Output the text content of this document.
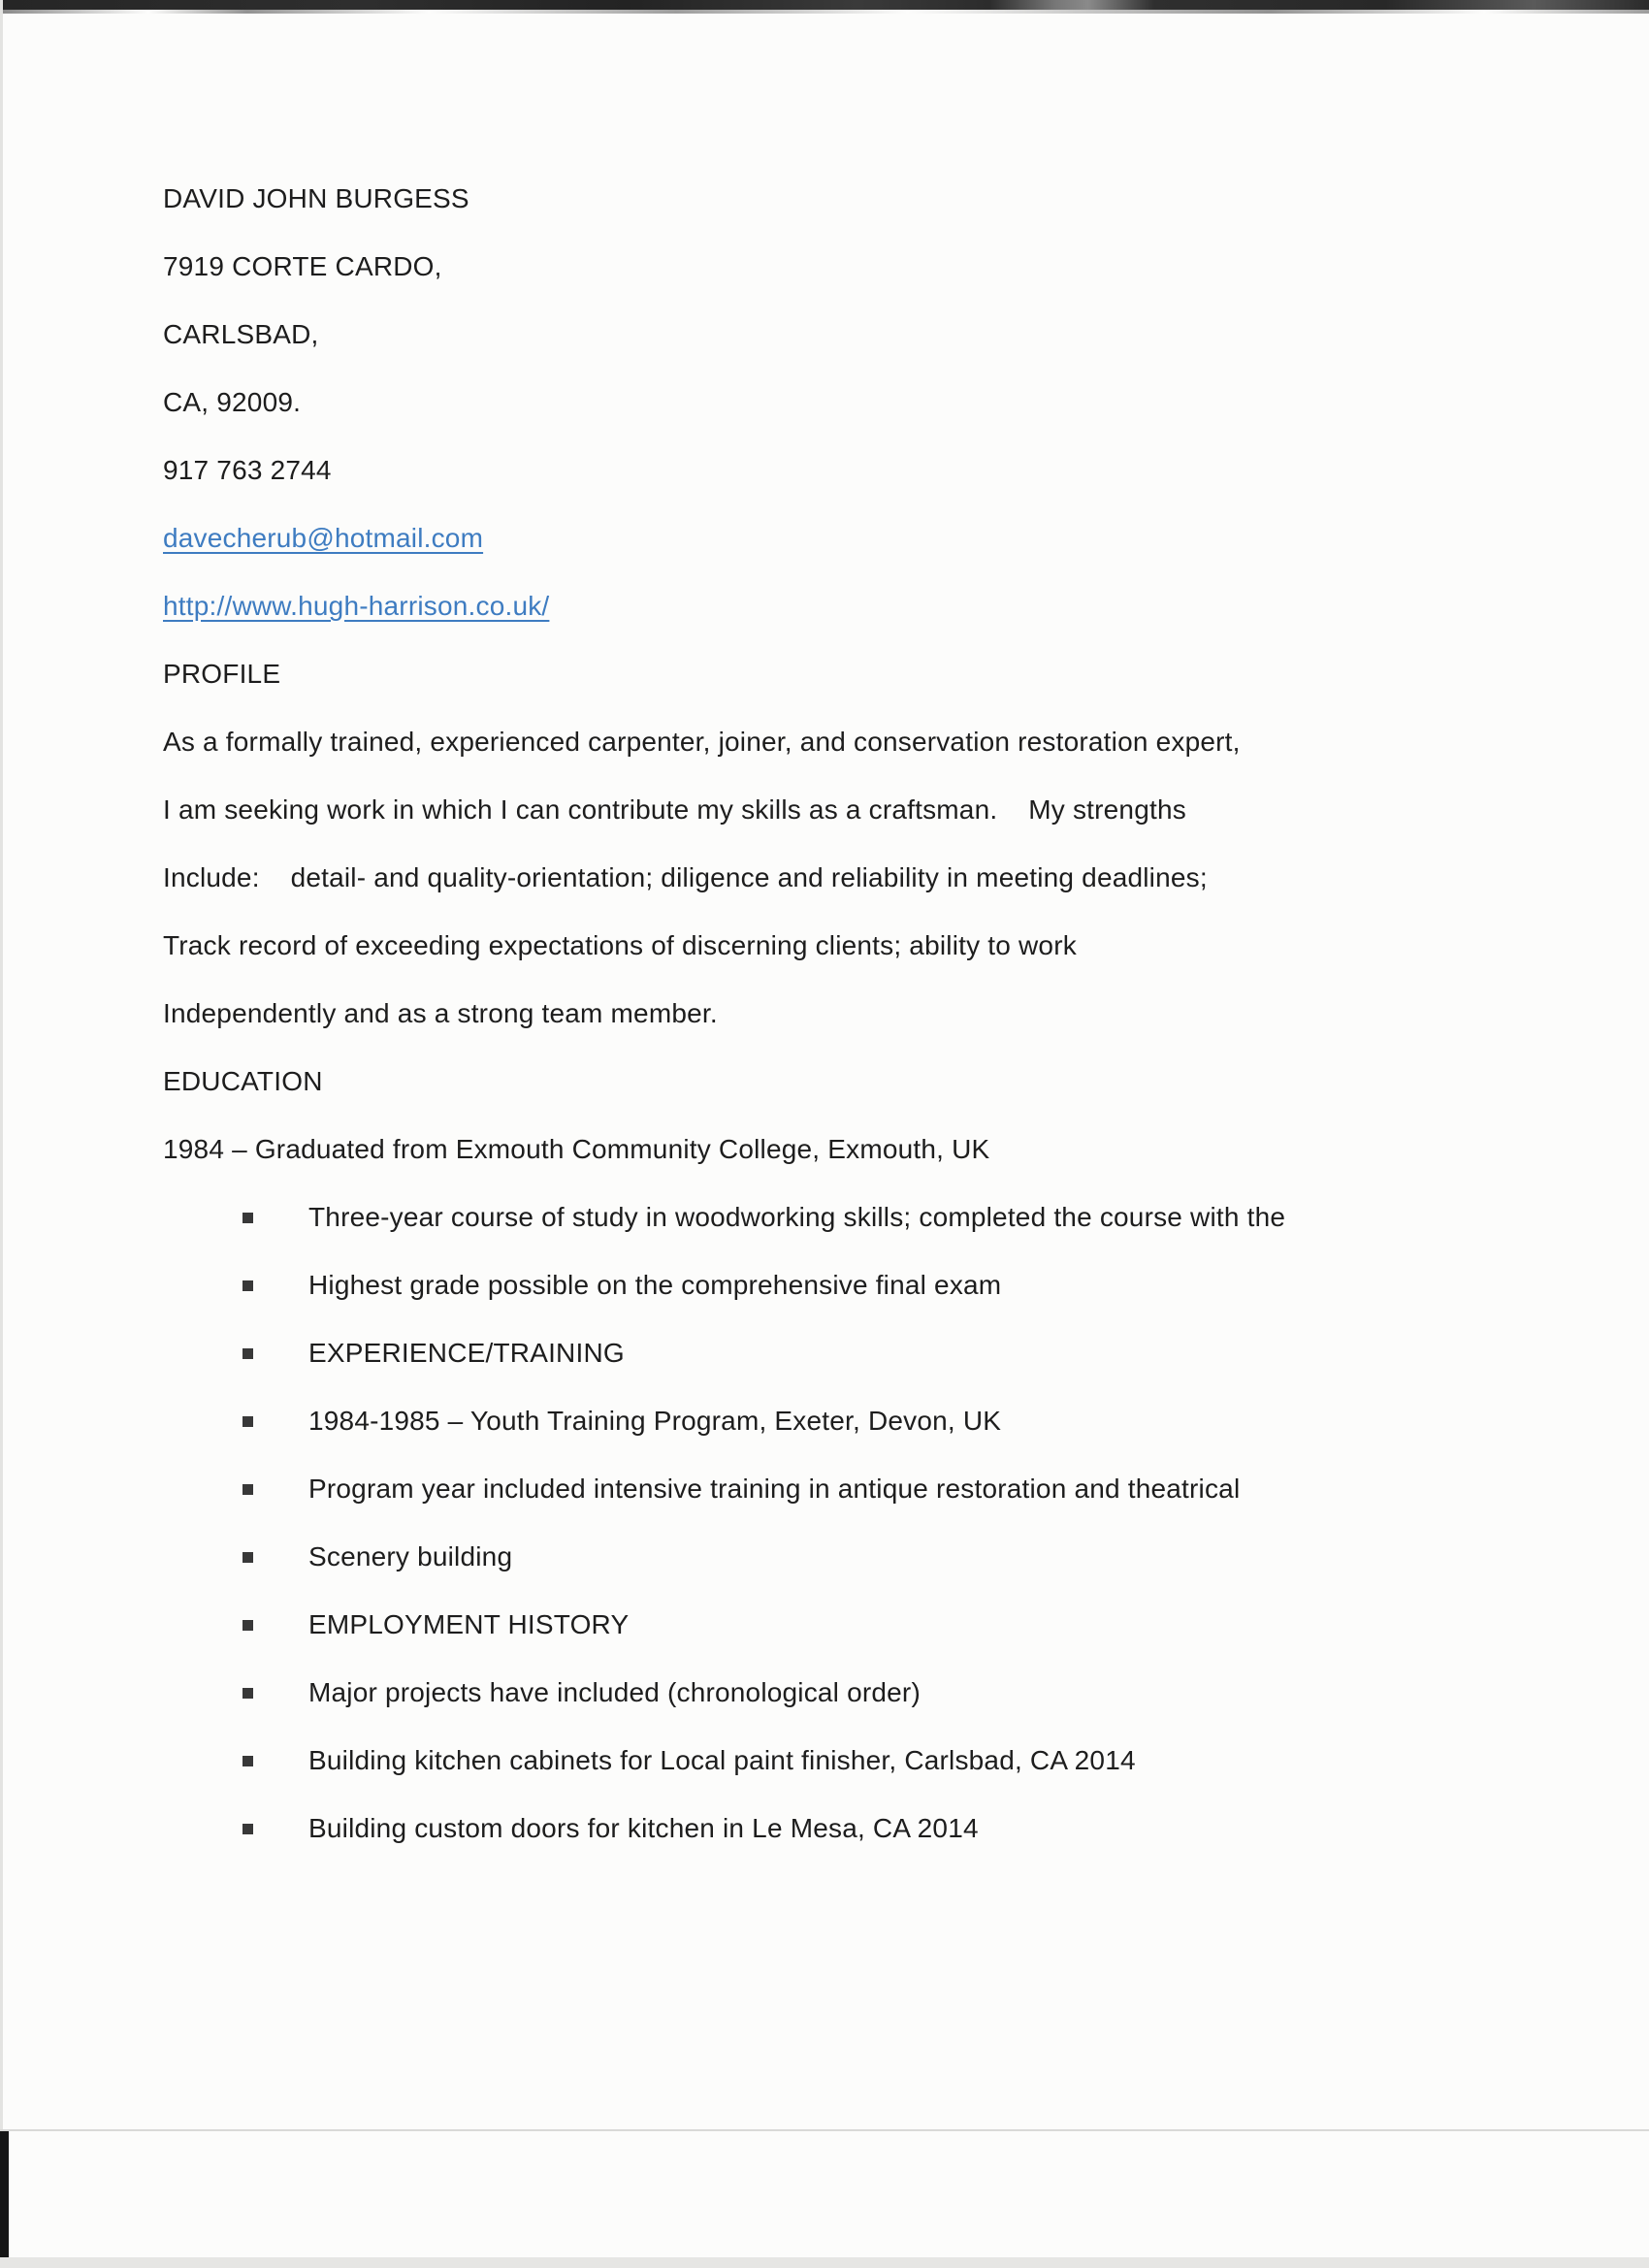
DAVID JOHN BURGESS

7919 CORTE CARDO,

CARLSBAD,

CA, 92009.

917 763 2744

davecherub@hotmail.com

http://www.hugh-harrison.co.uk/

PROFILE

As a formally trained, experienced carpenter, joiner, and conservation restoration expert,

I am seeking work in which I can contribute my skills as a craftsman.    My strengths

Include:    detail- and quality-orientation; diligence and reliability in meeting deadlines;

Track record of exceeding expectations of discerning clients; ability to work

Independently and as a strong team member.

EDUCATION

1984 – Graduated from Exmouth Community College, Exmouth, UK

Three-year course of study in woodworking skills; completed the course with the
Highest grade possible on the comprehensive final exam
EXPERIENCE/TRAINING
1984-1985 – Youth Training Program, Exeter, Devon, UK
Program year included intensive training in antique restoration and theatrical
Scenery building
EMPLOYMENT HISTORY
Major projects have included (chronological order)
Building kitchen cabinets for Local paint finisher, Carlsbad, CA 2014
Building custom doors for kitchen in Le Mesa, CA 2014
